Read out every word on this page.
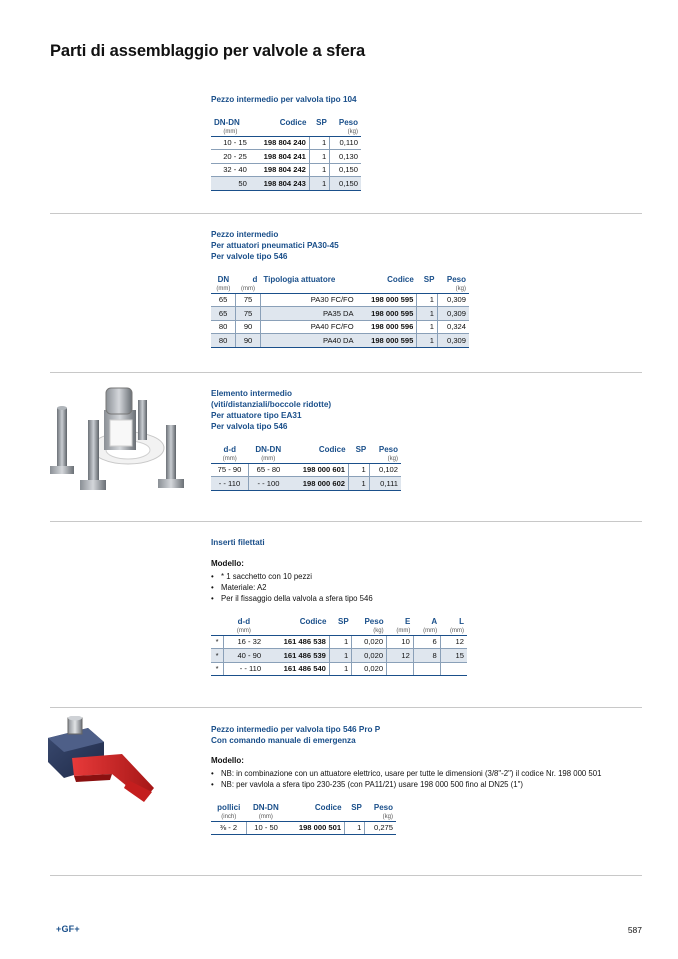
Parti di assemblaggio per valvole a sfera
Pezzo intermedio per valvola tipo 104
DN-DN	Codice	SP	Peso
(mm)			(kg)
10 - 15	198 804 240	1	0,110
20 - 25	198 804 241	1	0,130
32 - 40	198 804 242	1	0,150
50	198 804 243	1	0,150
Pezzo intermedio
Per attuatori pneumatici PA30-45
Per valvole tipo 546
DN	d	Tipologia attuatore	Codice	SP	Peso
(mm)	(mm)				(kg)
65	75	PA30 FC/FO	198 000 595	1	0,309
65	75	PA35 DA	198 000 595	1	0,309
80	90	PA40 FC/FO	198 000 596	1	0,324
80	90	PA40 DA	198 000 595	1	0,309
Elemento intermedio
(viti/distanziali/boccole ridotte)
Per attuatore tipo EA31
Per valvola tipo 546
d-d	DN-DN	Codice	SP	Peso
(mm)	(mm)			(kg)
75 - 90	65 - 80	198 000 601	1	0,102
- - 110	- - 100	198 000 602	1	0,111
Inserti filettati
Modello:
• * 1 sacchetto con 10 pezzi
• Materiale: A2
• Per il fissaggio della valvola a sfera tipo 546
	d-d	Codice	SP	Peso	E	A	L
	(mm)			(kg)	(mm)	(mm)	(mm)
*	16 - 32	161 486 538	1	0,020	10	6	12
*	40 - 90	161 486 539	1	0,020	12	8	15
*	- - 110	161 486 540	1	0,020			
Pezzo intermedio per valvola tipo 546 Pro P
Con comando manuale di emergenza
Modello:
• NB: in combinazione con un attuatore elettrico, usare per tutte le dimensioni (3/8"-2") il codice Nr. 198 000 501
• NB: per vavlola a sfera tipo 230-235 (con PA11/21) usare 198 000 500 fino al DN25 (1")
pollici	DN-DN	Codice	SP	Peso
(inch)	(mm)			(kg)
⅜ - 2	10 - 50	198 000 501	1	0,275
+GF+	587
